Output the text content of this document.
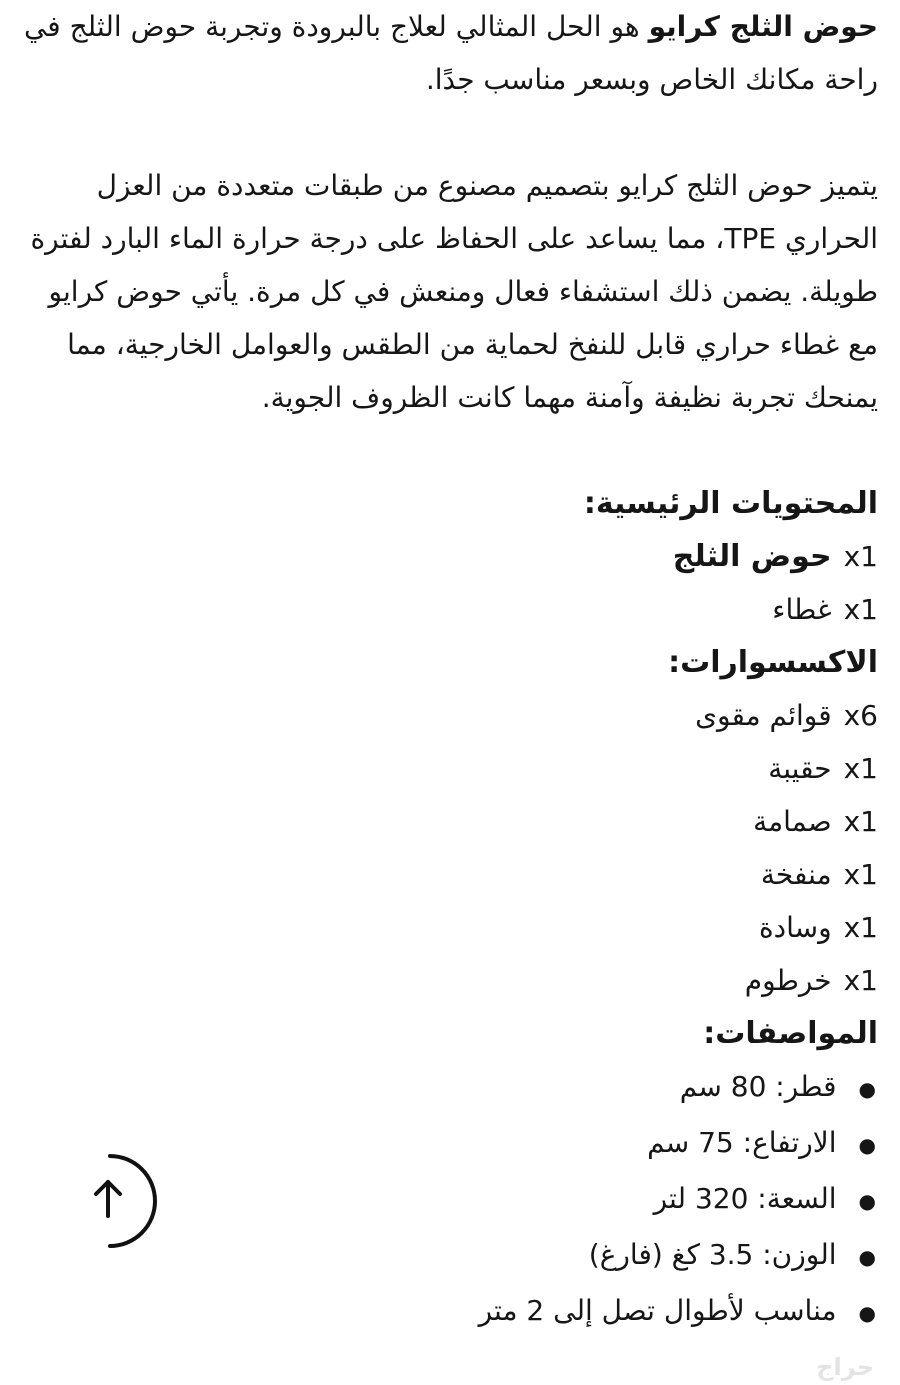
حوض الثلج كرايو هو الحل المثالي لعلاج بالبرودة وتجربة حوض الثلج في راحة مكانك الخاص وبسعر مناسب جدًا.

يتميز حوض الثلج كرايو بتصميم مصنوع من طبقات متعددة من العزل الحراري TPE، مما يساعد على الحفاظ على درجة حرارة الماء البارد لفترة طويلة. يضمن ذلك استشفاء فعال ومنعش في كل مرة. يأتي حوض كرايو مع غطاء حراري قابل للنفخ لحماية من الطقس والعوامل الخارجية، مما يمنحك تجربة نظيفة وآمنة مهما كانت الظروف الجوية.

المحتويات الرئيسية:
x1
حوض الثلج
x1
غطاء
الاكسسوارات:
x6
قوائم مقوى
x1
حقيبة
x1
صمامة
x1
منفخة
x1
وسادة
x1
خرطوم
المواصفات:
●
قطر: 80 سم
●
الارتفاع: 75 سم
●
السعة: 320 لتر
●
الوزن: 3.5 كغ (فارغ)
●
مناسب لأطوال تصل إلى 2 متر
حراج
